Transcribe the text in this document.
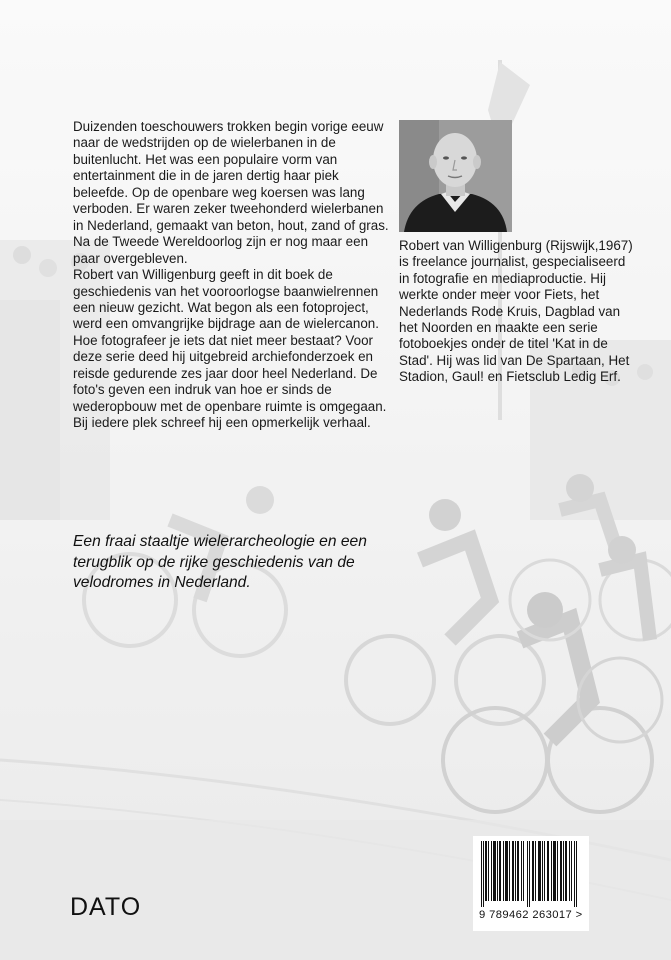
Duizenden toeschouwers trokken begin vorige eeuw naar de wedstrijden op de wielerbanen in de buitenlucht. Het was een populaire vorm van entertainment die in de jaren dertig haar piek beleefde. Op de openbare weg koersen was lang verboden. Er waren zeker tweehonderd wielerbanen in Nederland, gemaakt van beton, hout, zand of gras. Na de Tweede Wereldoorlog zijn er nog maar een paar overgebleven.

Robert van Willigenburg geeft in dit boek de geschiedenis van het vooroorlogse baanwielrennen een nieuw gezicht. Wat begon als een fotoproject, werd een omvangrijke bijdrage aan de wielercanon.

Hoe fotografeer je iets dat niet meer bestaat? Voor deze serie deed hij uitgebreid archiefonderzoek en reisde gedurende zes jaar door heel Nederland. De foto's geven een indruk van hoe er sinds de wederopbouw met de openbare ruimte is omgegaan. Bij iedere plek schreef hij een opmerkelijk verhaal.

Robert van Willigenburg (Rijswijk,1967) is freelance journalist, gespecialiseerd in fotografie en mediaproductie. Hij werkte onder meer voor Fiets, het Nederlands Rode Kruis, Dagblad van het Noorden en maakte een serie fotoboekjes onder de titel 'Kat in de Stad'. Hij was lid van De Spartaan, Het Stadion, Gaul! en Fietsclub Ledig Erf.

Een fraai staaltje wielerarcheologie en een terugblik op de rijke geschiedenis van de velodromes in Nederland.

DATO	9 789462 263017 >
